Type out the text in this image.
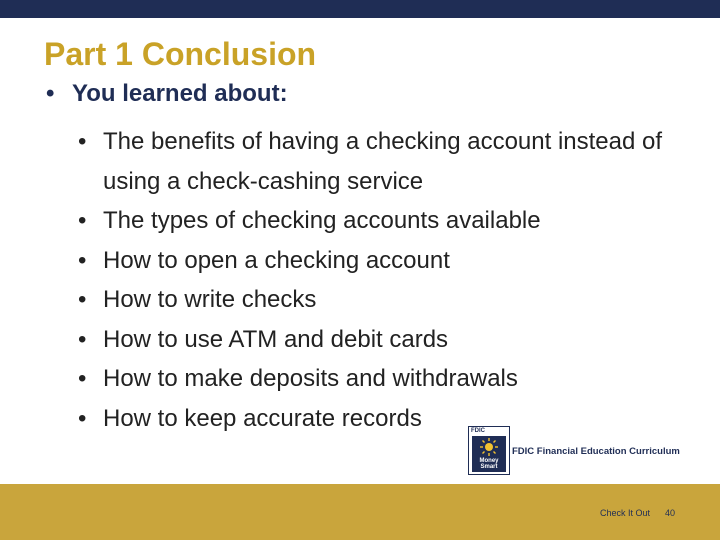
Part 1 Conclusion
• You learned about:
• The benefits of having a checking account instead of using a check-cashing service
• The types of checking accounts available
• How to open a checking account
• How to write checks
• How to use ATM and debit cards
• How to make deposits and withdrawals
• How to keep accurate records	FDIC
Money Smart
FDIC Financial Education Curriculum
Check It Out 40
